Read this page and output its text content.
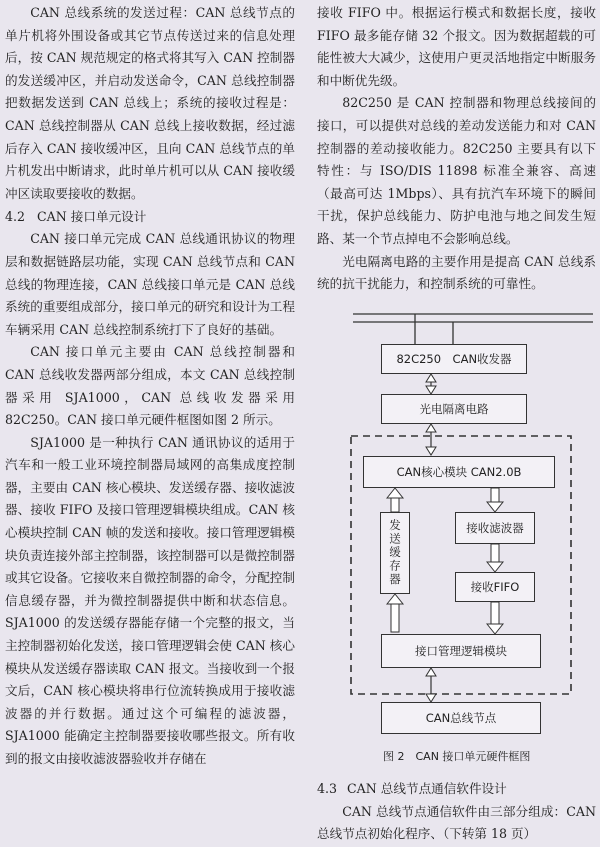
CAN 总线系统的发送过程：CAN 总线节点的单片机将外围设备或其它节点传送过来的信息处理后，按 CAN 规范规定的格式将其写入 CAN 控制器的发送缓冲区，并启动发送命令，CAN 总线控制器把数据发送到 CAN 总线上；系统的接收过程是：CAN 总线控制器从 CAN 总线上接收数据，经过滤后存入 CAN 接收缓冲区，且向 CAN 总线节点的单片机发出中断请求，此时单片机可以从 CAN 接收缓冲区读取要接收的数据。

4.2 CAN 接口单元设计

CAN 接口单元完成 CAN 总线通讯协议的物理层和数据链路层功能，实现 CAN 总线节点和 CAN 总线的物理连接，CAN 总线接口单元是 CAN 总线系统的重要组成部分，接口单元的研究和设计为工程车辆采用 CAN 总线控制系统打下了良好的基础。

CAN 接口单元主要由 CAN 总线控制器和 CAN 总线收发器两部分组成，本文 CAN 总线控制器采用 SJA1000，CAN 总线收发器采用 82C250。CAN 接口单元硬件框图如图 2 所示。

SJA1000 是一种执行 CAN 通讯协议的适用于汽车和一般工业环境控制器局域网的高集成度控制器，主要由 CAN 核心模块、发送缓存器、接收滤波器、接收 FIFO 及接口管理逻辑模块组成。CAN 核心模块控制 CAN 帧的发送和接收。接口管理逻辑模块负责连接外部主控制器，该控制器可以是微控制器或其它设备。它接收来自微控制器的命令，分配控制信息缓存器，并为微控制器提供中断和状态信息。SJA1000 的发送缓存器能存储一个完整的报文，当主控制器初始化发送，接口管理逻辑会使 CAN 核心模块从发送缓存器读取 CAN 报文。当接收到一个报文后，CAN 核心模块将串行位流转换成用于接收滤波器的并行数据。通过这个可编程的滤波器，SJA1000 能确定主控制器要接收哪些报文。所有收到的报文由接收滤波器验收并存储在

接收 FIFO 中。根据运行模式和数据长度，接收 FIFO 最多能存储 32 个报文。因为数据超载的可能性被大大减少，这使用户更灵活地指定中断服务和中断优先级。

82C250 是 CAN 控制器和物理总线接间的接口，可以提供对总线的差动发送能力和对 CAN 控制器的差动接收能力。82C250 主要具有以下特性：与 ISO/DIS 11898 标准全兼容、高速（最高可达 1Mbps）、具有抗汽车环境下的瞬间干扰，保护总线能力、防护电池与地之间发生短路、某一个节点掉电不会影响总线。

光电隔离电路的主要作用是提高 CAN 总线系统的抗干扰能力，和控制系统的可靠性。

82C250　CAN收发器
光电隔离电路
CAN核心模块 CAN2.0B
发送缓存器	接收滤波器
接收FIFO
接口管理逻辑模块
CAN总线节点
图 2　CAN 接口单元硬件框图
4.3 CAN 总线节点通信软件设计

CAN 总线节点通信软件由三部分组成：CAN 总线节点初始化程序、（下转第 18 页）
